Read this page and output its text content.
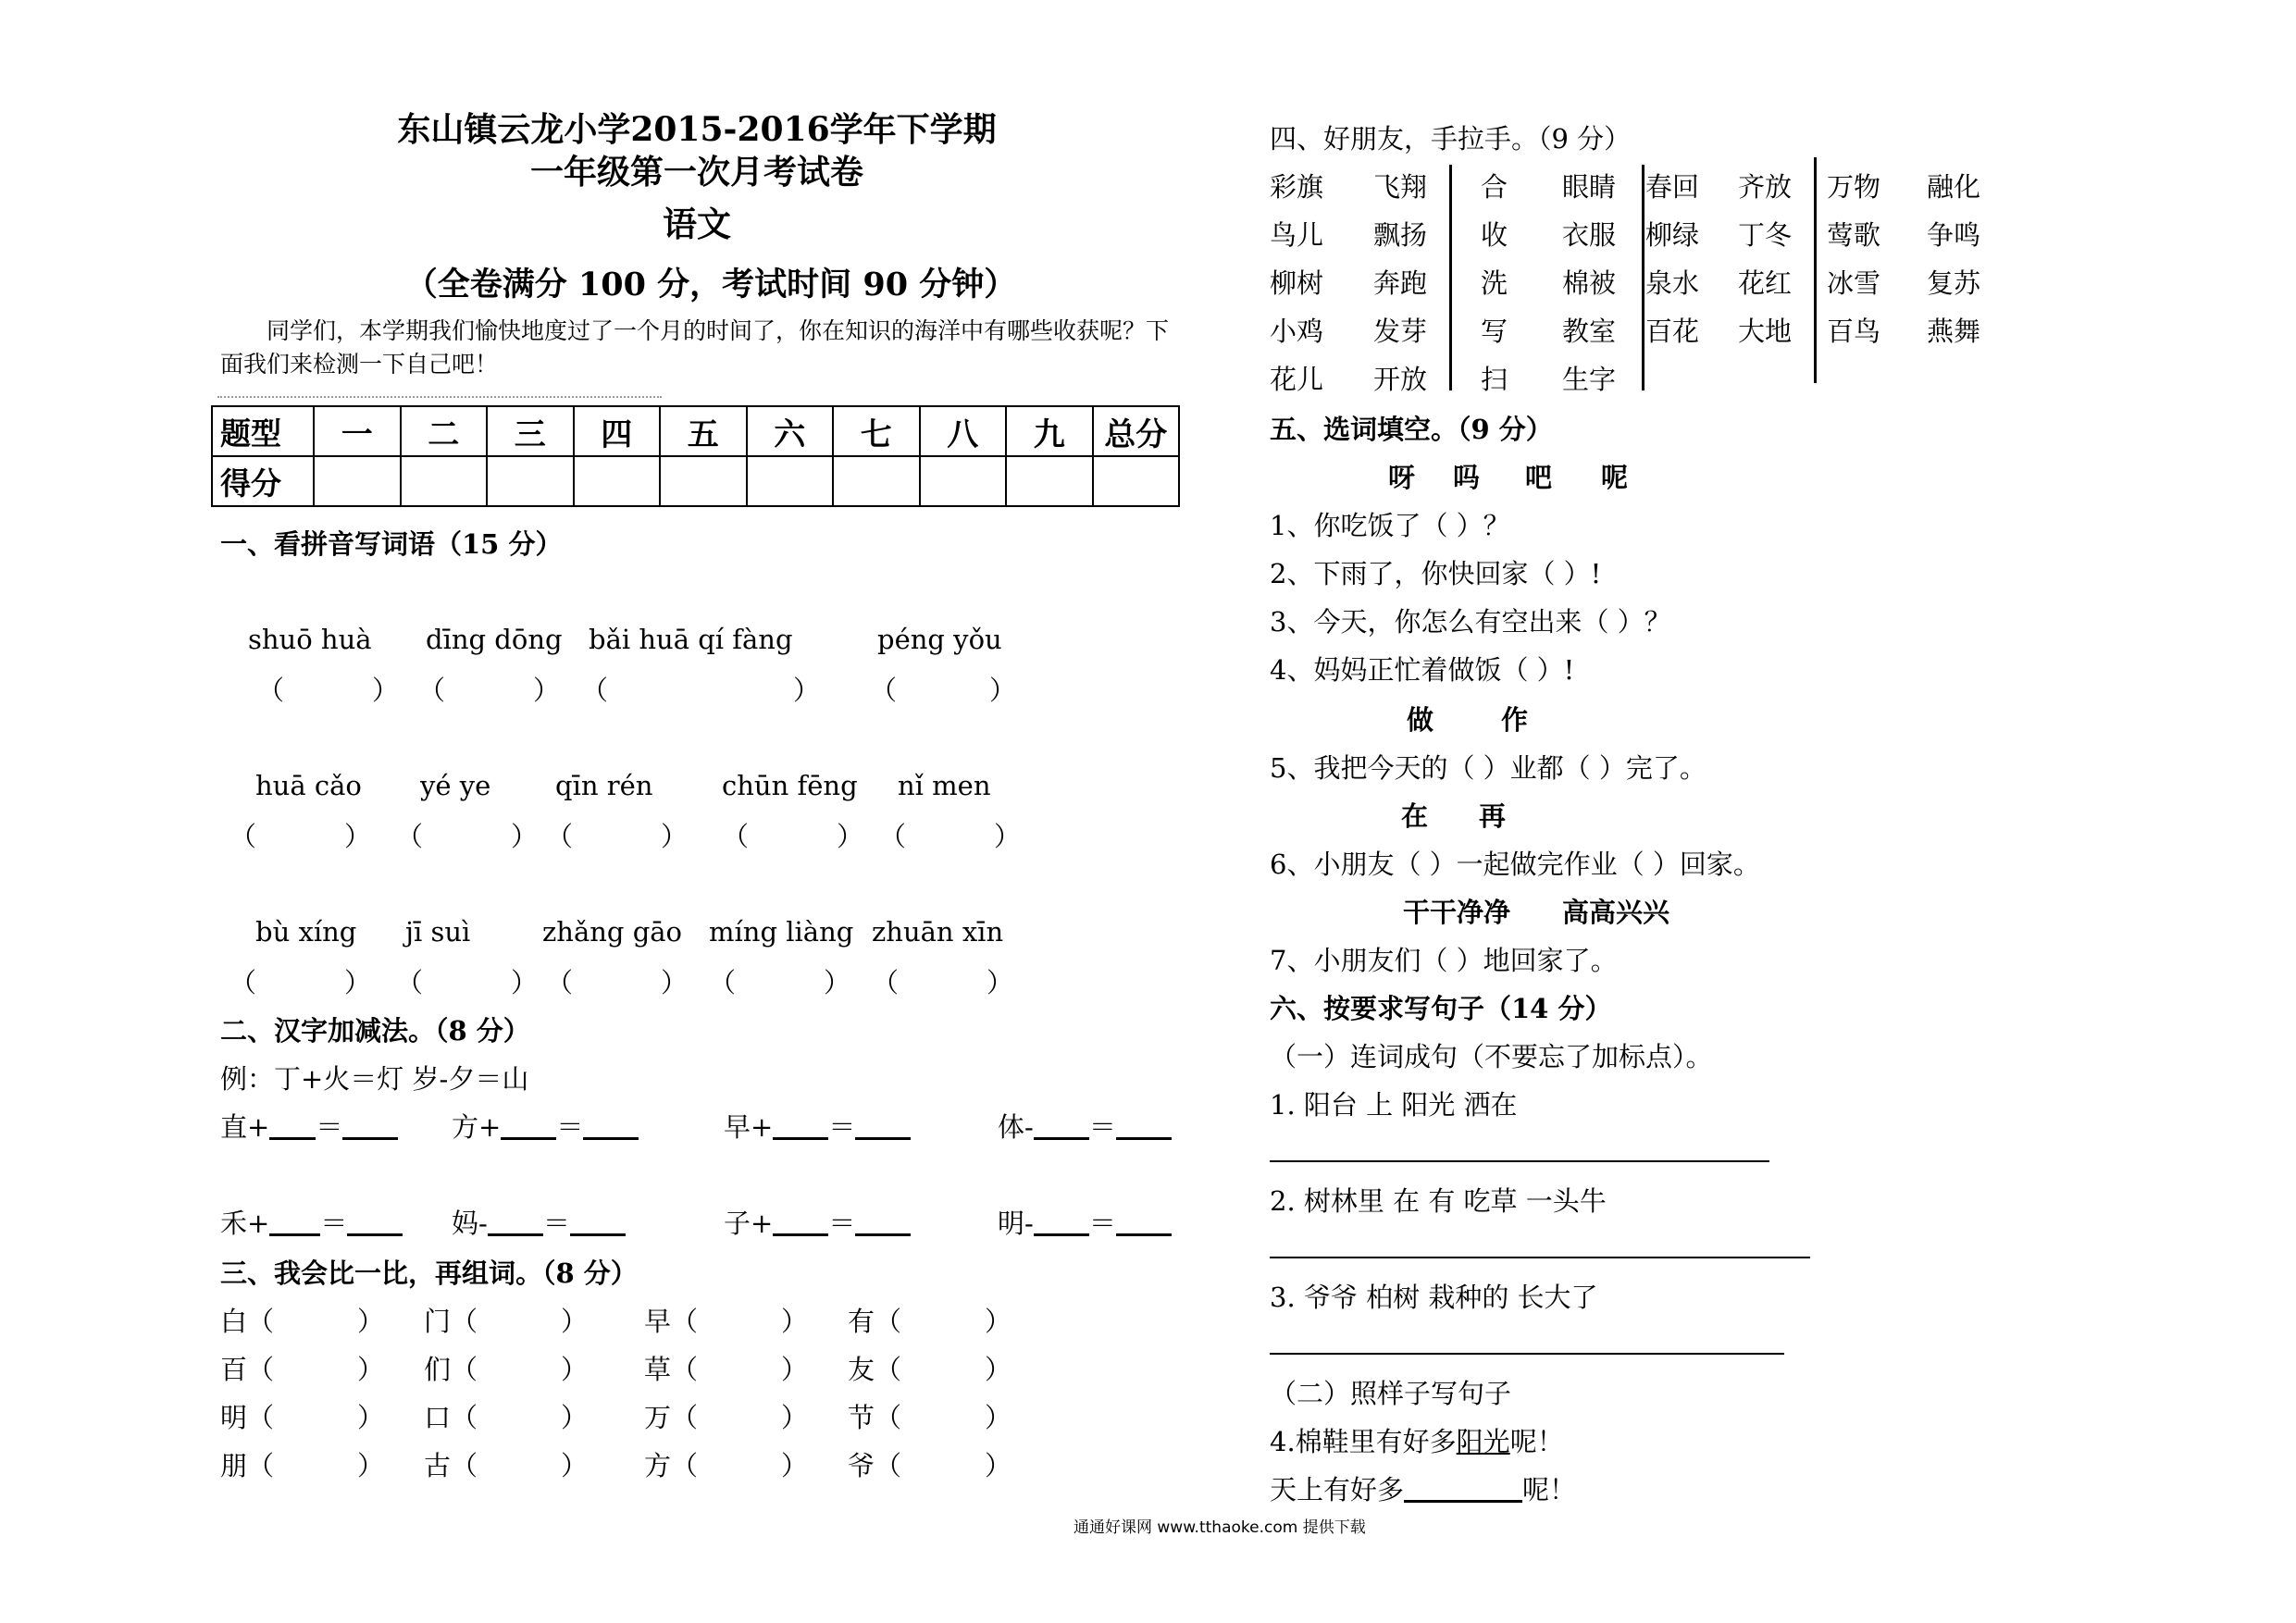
东山镇云龙小学2015-2016学年下学期
一年级第一次月考试卷
语文
（全卷满分 100 分，考试时间 90 分钟）
同学们，本学期我们愉快地度过了一个月的时间了，你在知识的海洋中有哪些收获呢？下
面我们来检测一下自己吧！
题型	一	二	三	四	五	六	七	八	九	总分
得分										
一、看拼音写词语（15 分）
shuō huà dīng dōng bǎi huā qí fàng	péng yǒu
（	） （	） （	） （	）
huā cǎo yé ye qīn rén	chūn fēng nǐ men
（	） （	） （	） （	） （	）
bù xíng jī suì	zhǎng gāo míng liàng zhuān xīn
（	） （	） （	） （	） （	）
二、汉字加减法。（8 分）
例：丁+火＝灯 岁-夕＝山
直+ ＝	方+ ＝	早+ ＝	体- ＝
禾+ ＝	妈- ＝	子+ ＝	明- ＝
三、我会比一比，再组词。（8 分）
白（	） 门（	） 早（	） 有（	）
百（	） 们（	） 草（	） 友（	）
明（	） 口（	） 万（	） 节（	）
朋（	） 古（	） 方（	） 爷（	）
四、好朋友，手拉手。（9 分）
彩旗 飞翔
鸟儿 飘扬
柳树 奔跑
小鸡 发芽
花儿 开放
合 眼睛
收 衣服
洗 棉被
写 教室
扫 生字
春回 齐放
柳绿 丁冬
泉水 花红
百花 大地
万物 融化
莺歌 争鸣
冰雪 复苏
百鸟 燕舞
五、选词填空。（9 分）
呀 吗 吧 呢
1、你吃饭了（ ）？
2、下雨了，你快回家（ ）!
3、今天，你怎么有空出来（ ）？
4、妈妈正忙着做饭（ ）!
做	作
5、我把今天的（ ）业都（ ）完了。
在 再
6、小朋友（ ）一起做完作业（ ）回家。
干干净净 高高兴兴
7、小朋友们（ ）地回家了。
六、按要求写句子（14 分）
（一）连词成句（不要忘了加标点）。
1. 阳台 上 阳光 洒在
2. 树林里 在 有 吃草 一头牛
3. 爷爷 柏树 栽种的 长大了
（二）照样子写句子
4.棉鞋里有好多阳光呢！
天上有好多	呢！
通通好课网 www.tthaoke.com 提供下载
